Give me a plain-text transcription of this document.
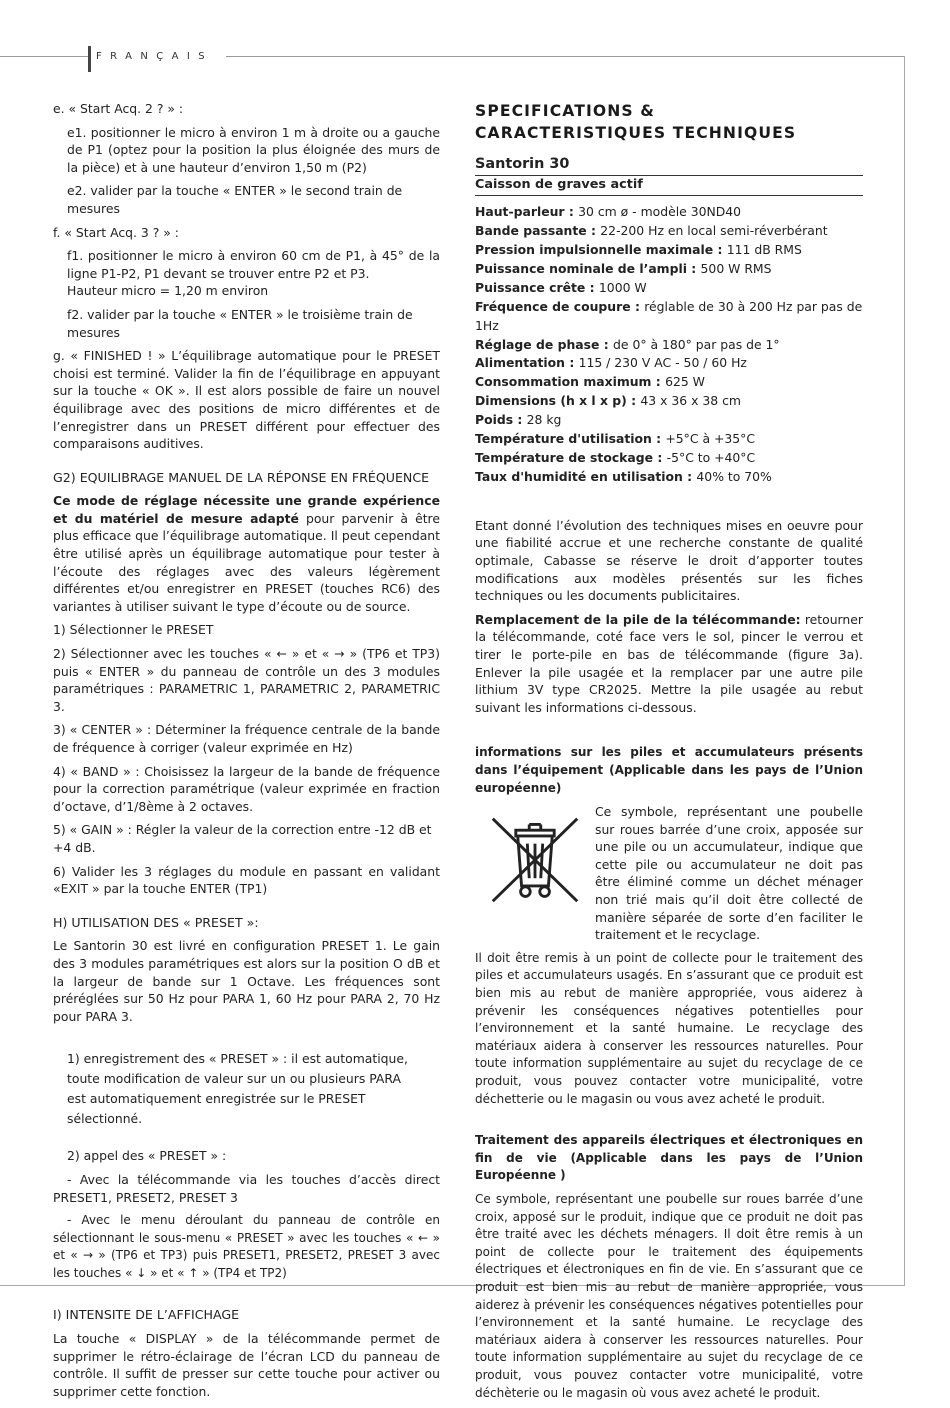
FRANÇAIS

e. « Start Acq. 2 ? » :

e1. positionner le micro à environ 1 m à droite ou a gauche de P1 (optez pour la position la plus éloignée des murs de la pièce) et à une hauteur d’environ 1,50 m (P2)

e2. valider par la touche « ENTER » le second train de mesures

f. « Start Acq. 3 ? » :

f1. positionner le micro à environ 60 cm de P1, à 45° de la ligne P1-P2, P1 devant se trouver entre P2 et P3.

Hauteur micro = 1,20 m environ

f2. valider par la touche « ENTER » le troisième train de mesures

g. « FINISHED ! » L’équilibrage automatique pour le PRESET choisi est terminé. Valider la fin de l’équilibrage en appuyant sur la touche « OK ». Il est alors possible de faire un nouvel équilibrage avec des positions de micro différentes et de l’enregistrer dans un PRESET différent pour effectuer des comparaisons auditives.

G2) EQUILIBRAGE MANUEL DE LA RÉPONSE EN FRÉQUENCE

Ce mode de réglage nécessite une grande expérience et du matériel de mesure adapté pour parvenir à être plus efficace que l’équilibrage automatique. Il peut cependant être utilisé après un équilibrage automatique pour tester à l’écoute des réglages avec des valeurs légèrement différentes et/ou enregistrer en PRESET (touches RC6) des variantes à utiliser suivant le type d’écoute ou de source.

1) Sélectionner le PRESET

2) Sélectionner avec les touches « ← » et « → » (TP6 et TP3) puis « ENTER » du panneau de contrôle un des 3 modules paramétriques : PARAMETRIC 1, PARAMETRIC 2, PARAMETRIC 3.

3) « CENTER » : Déterminer la fréquence centrale de la bande de fréquence à corriger (valeur exprimée en Hz)

4) « BAND » : Choisissez la largeur de la bande de fréquence pour la correction paramétrique (valeur exprimée en fraction d’octave, d’1/8ème à 2 octaves.

5) « GAIN » : Régler la valeur de la correction entre -12 dB et +4 dB.

6) Valider les 3 réglages du module en passant en validant «EXIT » par la touche ENTER (TP1)

H) UTILISATION DES « PRESET »:

Le Santorin 30 est livré en configuration PRESET 1. Le gain des 3 modules paramétriques est alors sur la position O dB et la largeur de bande sur 1 Octave. Les fréquences sont préréglées sur 50 Hz pour PARA 1, 60 Hz pour PARA 2, 70 Hz pour PARA 3.

1) enregistrement des « PRESET » : il est automatique,

toute modification de valeur sur un ou plusieurs PARA

est automatiquement enregistrée sur le PRESET sélectionné.

2) appel des « PRESET » :

- Avec la télécommande via les touches d’accès direct PRESET1, PRESET2, PRESET 3

- Avec le menu déroulant du panneau de contrôle en sélectionnant le sous-menu « PRESET » avec les touches « ← » et « → » (TP6 et TP3) puis PRESET1, PRESET2, PRESET 3 avec les touches « ↓ » et « ↑ » (TP4 et TP2)

I) INTENSITE DE L’AFFICHAGE

La touche « DISPLAY » de la télécommande permet de supprimer le rétro-éclairage de l’écran LCD du panneau de contrôle. Il suffit de presser sur cette touche pour activer ou supprimer cette fonction.

SPECIFICATIONS &
CARACTERISTIQUES TECHNIQUES

Santorin 30

Caisson de graves actif

Haut-parleur : 30 cm ø - modèle 30ND40

Bande passante : 22-200 Hz en local semi-réverbérant

Pression impulsionnelle maximale : 111 dB RMS

Puissance nominale de l’ampli : 500 W RMS

Puissance crête : 1000 W

Fréquence de coupure : réglable de 30 à 200 Hz par pas de 1Hz

Réglage de phase : de 0° à 180° par pas de 1°

Alimentation : 115 / 230 V AC - 50 / 60 Hz

Consommation maximum : 625 W

Dimensions (h x l x p) : 43 x 36 x 38 cm

Poids : 28 kg

Température d'utilisation : +5°C à +35°C

Température de stockage : -5°C to +40°C

Taux d'humidité en utilisation : 40% to 70%

Etant donné l’évolution des techniques mises en oeuvre pour une fiabilité accrue et une recherche constante de qualité optimale, Cabasse se réserve le droit d’apporter toutes modifications aux modèles présentés sur les fiches techniques ou les documents publicitaires.

Remplacement de la pile de la télécommande: retourner la télécommande, coté face vers le sol, pincer le verrou et tirer le porte-pile en bas de télécommande (figure 3a). Enlever la pile usagée et la remplacer par une autre pile lithium 3V type CR2025. Mettre la pile usagée au rebut suivant les informations ci-dessous.

informations sur les piles et accumulateurs présents dans l’équipement (Applicable dans les pays de l’Union européenne)

Ce symbole, représentant une poubelle sur roues barrée d’une croix, apposée sur une pile ou un accumulateur, indique que cette pile ou accumulateur ne doit pas être éliminé comme un déchet ménager non trié mais qu’il doit être collecté de manière séparée de sorte d’en faciliter le traitement et le recyclage.

Il doit être remis à un point de collecte pour le traitement des piles et accumulateurs usagés. En s’assurant que ce produit est bien mis au rebut de manière appropriée, vous aiderez à prévenir les conséquences négatives potentielles pour l’environnement et la santé humaine. Le recyclage des matériaux aidera à conserver les ressources naturelles. Pour toute information supplémentaire au sujet du recyclage de ce produit, vous pouvez contacter votre municipalité, votre déchetterie ou le magasin ou vous avez acheté le produit.

Traitement des appareils électriques et électroniques en fin de vie (Applicable dans les pays de l’Union Européenne )

Ce symbole, représentant une poubelle sur roues barrée d’une croix, apposé sur le produit, indique que ce produit ne doit pas être traité avec les déchets ménagers. Il doit être remis à un point de collecte pour le traitement des équipements électriques et électroniques en fin de vie. En s’assurant que ce produit est bien mis au rebut de manière appropriée, vous aiderez à prévenir les conséquences négatives potentielles pour l’environnement et la santé humaine. Le recyclage des matériaux aidera à conserver les ressources naturelles. Pour toute information supplémentaire au sujet du recyclage de ce produit, vous pouvez contacter votre municipalité, votre déchèterie ou le magasin où vous avez acheté le produit.
